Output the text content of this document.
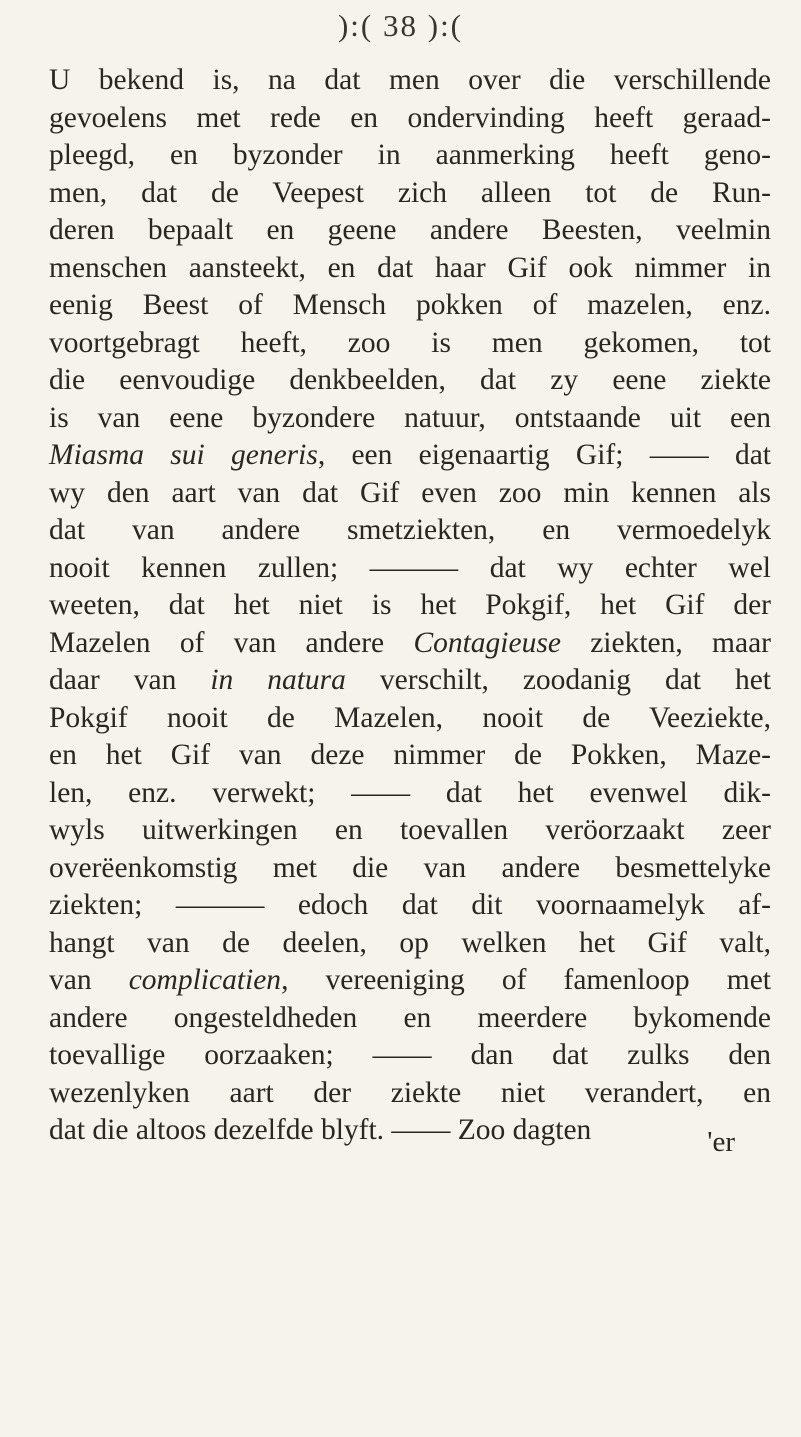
):( 38 ):(
U bekend is, na dat men over die verschillende
gevoelens met rede en ondervinding heeft geraad-
pleegd, en byzonder in aanmerking heeft geno-
men, dat de Veepest zich alleen tot de Run-
deren bepaalt en geene andere Beesten, veelmin
menschen aansteekt, en dat haar Gif ook nimmer in
eenig Beest of Mensch pokken of mazelen, enz.
voortgebragt heeft, zoo is men gekomen, tot
die eenvoudige denkbeelden, dat zy eene ziekte
is van eene byzondere natuur, ontstaande uit een
Miasma sui generis, een eigenaartig Gif; —— dat
wy den aart van dat Gif even zoo min kennen als
dat van andere smetziekten, en vermoedelyk
nooit kennen zullen; ——— dat wy echter wel
weeten, dat het niet is het Pokgif, het Gif der
Mazelen of van andere Contagieuse ziekten, maar
daar van in natura verschilt, zoodanig dat het
Pokgif nooit de Mazelen, nooit de Veeziekte,
en het Gif van deze nimmer de Pokken, Maze-
len, enz. verwekt; —— dat het evenwel dik-
wyls uitwerkingen en toevallen veröorzaakt zeer
overëenkomstig met die van andere besmettelyke
ziekten; ——— edoch dat dit voornaamelyk af-
hangt van de deelen, op welken het Gif valt,
van complicatien, vereeniging of famenloop met
andere ongesteldheden en meerdere bykomende
toevallige oorzaaken; —— dan dat zulks den
wezenlyken aart der ziekte niet verandert, en
dat die altoos dezelfde blyft. —— Zoo dagten	'er
